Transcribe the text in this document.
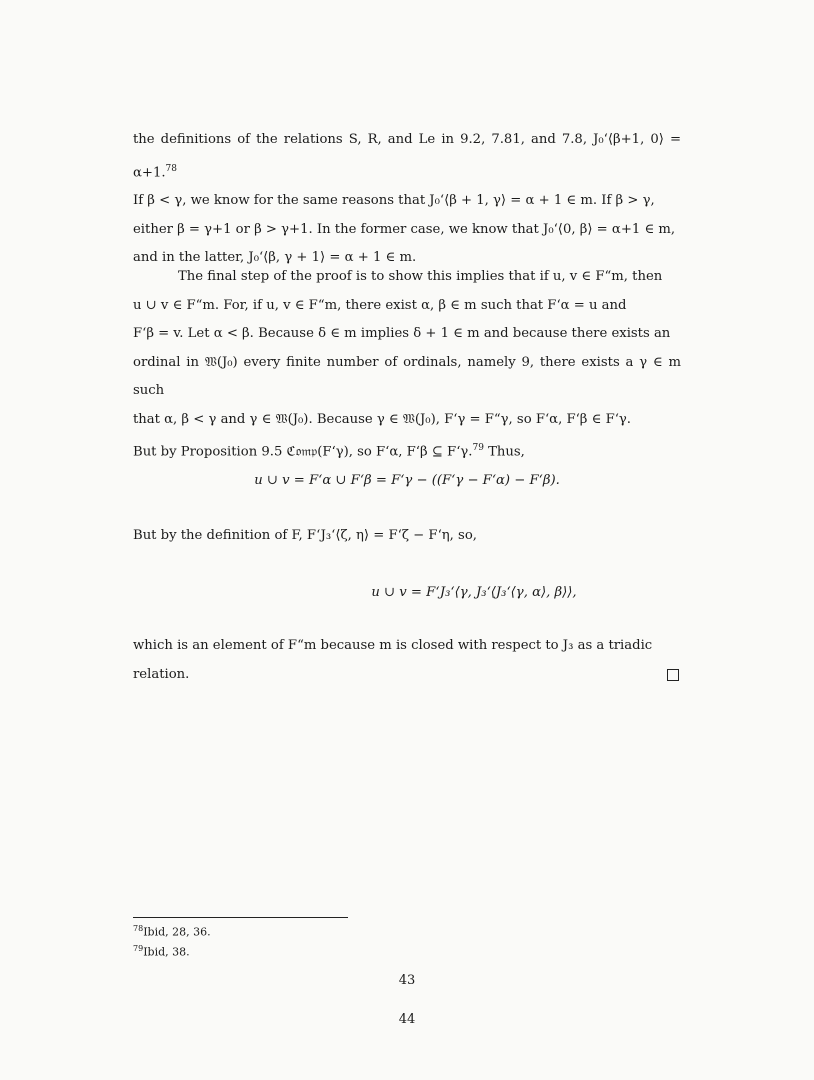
the definitions of the relations S, R, and Le in 9.2, 7.81, and 7.8, J₀‘⟨β+1, 0⟩ = α+1.78
If β < γ, we know for the same reasons that J₀‘⟨β + 1, γ⟩ = α + 1 ∈ m. If β > γ,
either β = γ+1 or β > γ+1. In the former case, we know that J₀‘⟨0, β⟩ = α+1 ∈ m,
and in the latter, J₀‘⟨β, γ + 1⟩ = α + 1 ∈ m.
The final step of the proof is to show this implies that if u, v ∈ F“m, then
u ∪ v ∈ F“m. For, if u, v ∈ F“m, there exist α, β ∈ m such that F‘α = u and
F‘β = v. Let α < β. Because δ ∈ m implies δ + 1 ∈ m and because there exists an
ordinal in 𝔚(J₀) every finite number of ordinals, namely 9, there exists a γ ∈ m such
that α, β < γ and γ ∈ 𝔚(J₀). Because γ ∈ 𝔚(J₀), F‘γ = F“γ, so F‘α, F‘β ∈ F‘γ.
But by Proposition 9.5 ℭ𝔬𝔪𝔭(F‘γ), so F‘α, F‘β ⊆ F‘γ.$^{79}$ Thus,
u ∪ v = F‘α ∪ F‘β = F‘γ − ((F‘γ − F‘α) − F‘β).
But by the definition of F, F‘J₃‘⟨ζ, η⟩ = F‘ζ − F‘η, so,
u ∪ v = F‘J₃‘⟨γ, J₃‘⟨J₃‘⟨γ, α⟩, β⟩⟩,
which is an element of F“m because m is closed with respect to J₃ as a triadic
relation.
$^{78}$Ibid, 28, 36.
$^{79}$Ibid, 38.
43
44
